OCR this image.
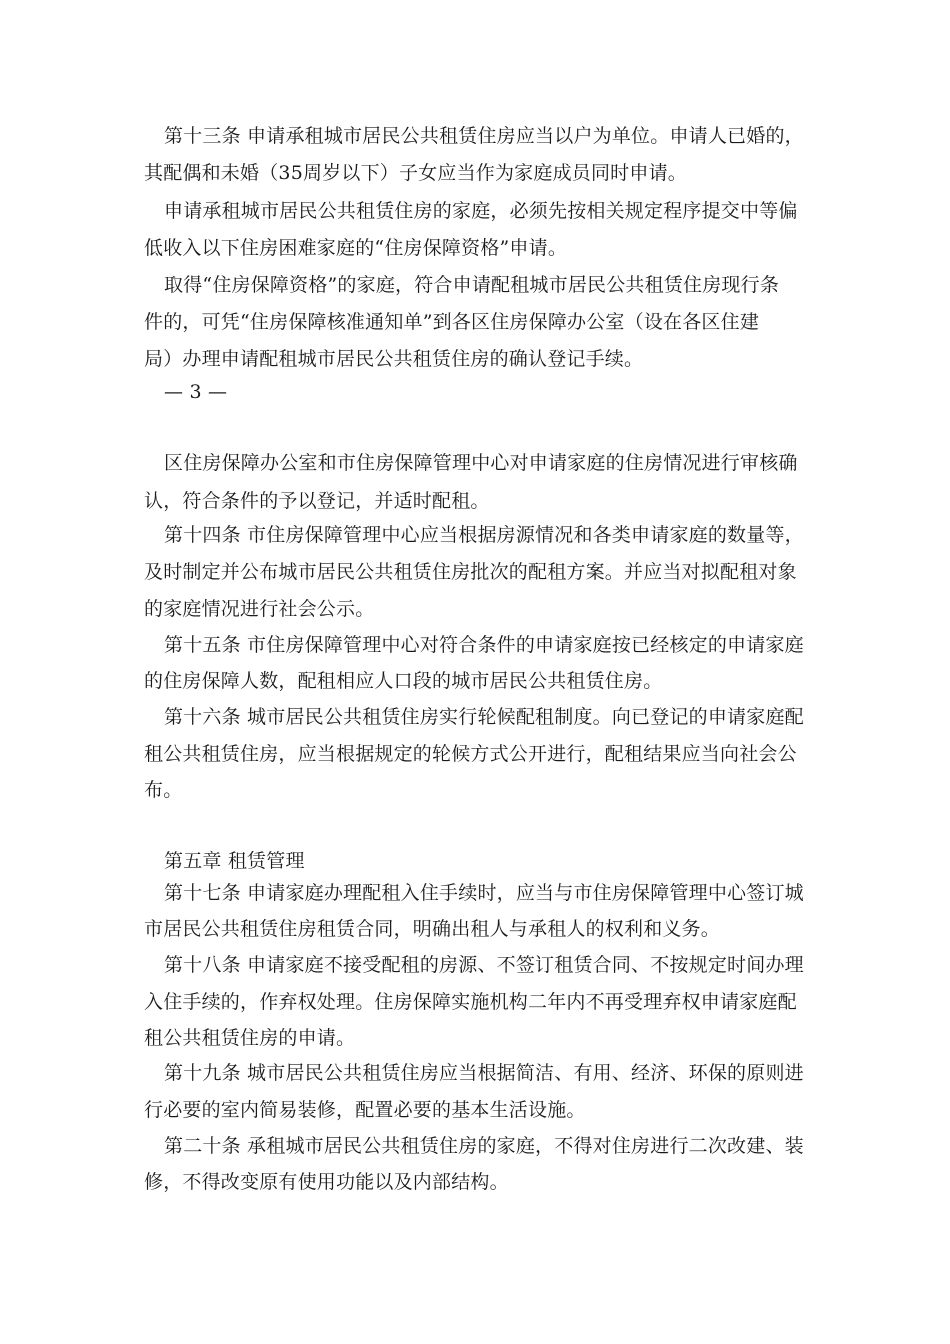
第十三条 申请承租城市居民公共租赁住房应当以户为单位。申请人已婚的，
其配偶和未婚（35周岁以下）子女应当作为家庭成员同时申请。
申请承租城市居民公共租赁住房的家庭，必须先按相关规定程序提交中等偏
低收入以下住房困难家庭的“住房保障资格”申请。
取得“住房保障资格”的家庭，符合申请配租城市居民公共租赁住房现行条
件的，可凭“住房保障核准通知单”到各区住房保障办公室（设在各区住建
局）办理申请配租城市居民公共租赁住房的确认登记手续。
— 3 —
区住房保障办公室和市住房保障管理中心对申请家庭的住房情况进行审核确
认，符合条件的予以登记，并适时配租。
第十四条 市住房保障管理中心应当根据房源情况和各类申请家庭的数量等，
及时制定并公布城市居民公共租赁住房批次的配租方案。并应当对拟配租对象
的家庭情况进行社会公示。
第十五条 市住房保障管理中心对符合条件的申请家庭按已经核定的申请家庭
的住房保障人数，配租相应人口段的城市居民公共租赁住房。
第十六条 城市居民公共租赁住房实行轮候配租制度。向已登记的申请家庭配
租公共租赁住房，应当根据规定的轮候方式公开进行，配租结果应当向社会公
布。
第五章 租赁管理
第十七条 申请家庭办理配租入住手续时，应当与市住房保障管理中心签订城
市居民公共租赁住房租赁合同，明确出租人与承租人的权利和义务。
第十八条 申请家庭不接受配租的房源、不签订租赁合同、不按规定时间办理
入住手续的，作弃权处理。住房保障实施机构二年内不再受理弃权申请家庭配
租公共租赁住房的申请。
第十九条 城市居民公共租赁住房应当根据简洁、有用、经济、环保的原则进
行必要的室内简易装修，配置必要的基本生活设施。
第二十条 承租城市居民公共租赁住房的家庭，不得对住房进行二次改建、装
修，不得改变原有使用功能以及内部结构。
